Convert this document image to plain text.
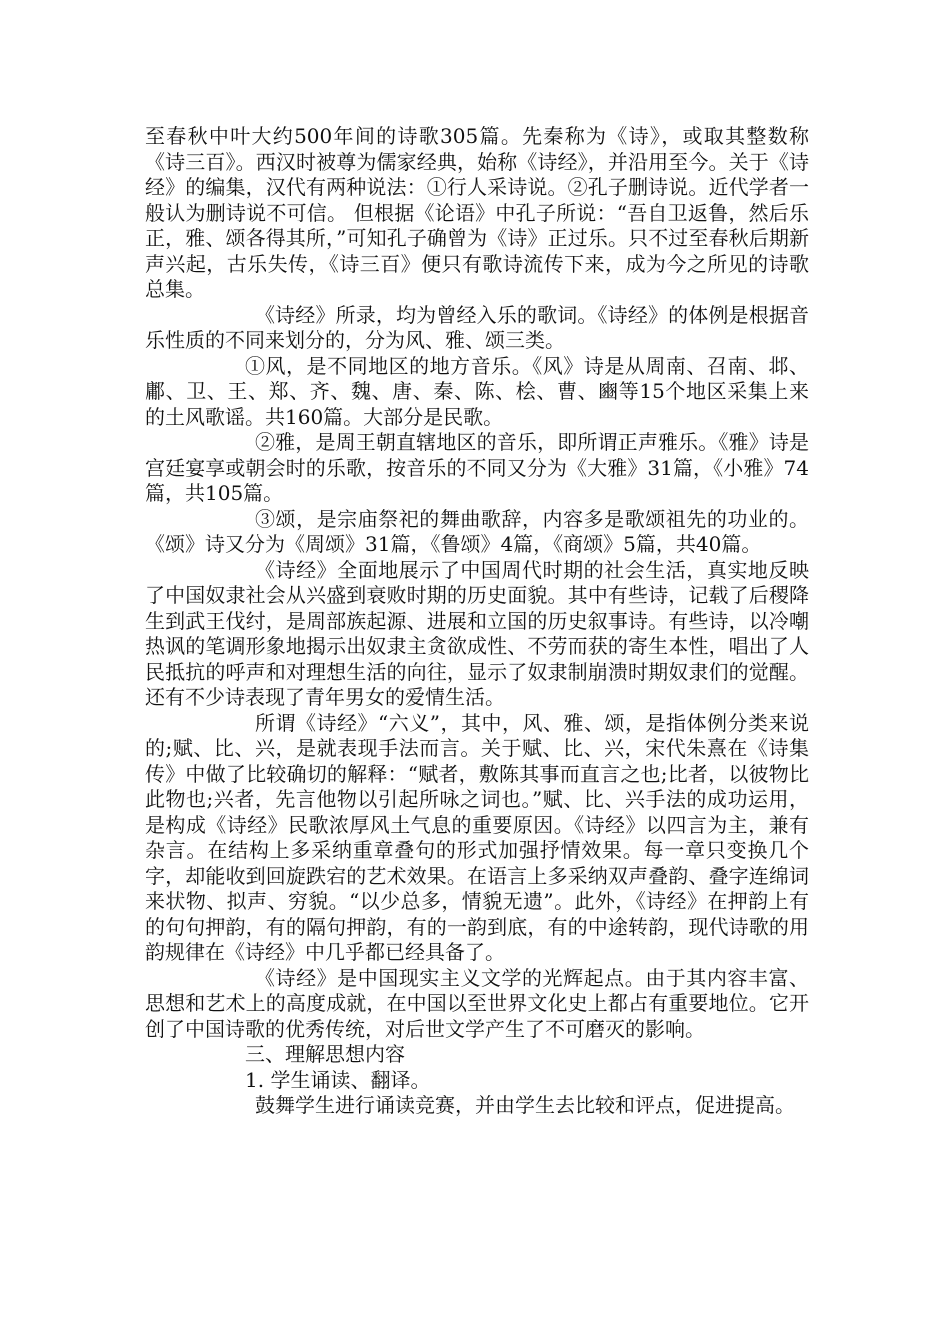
至春秋中叶大约500年间的诗歌305篇。先秦称为《诗》，或取其整数称《诗三百》。西汉时被尊为儒家经典，始称《诗经》，并沿用至今。关于《诗经》的编集，汉代有两种说法：①行人采诗说。②孔子删诗说。近代学者一般认为删诗说不可信。 但根据《论语》中孔子所说：“吾自卫返鲁，然后乐正，雅、颂各得其所，”可知孔子确曾为《诗》正过乐。只不过至春秋后期新声兴起，古乐失传，《诗三百》便只有歌诗流传下来，成为今之所见的诗歌总集。

《诗经》所录，均为曾经入乐的歌词。《诗经》的体例是根据音乐性质的不同来划分的，分为风、雅、颂三类。

①风，是不同地区的地方音乐。《风》诗是从周南、召南、邶、鄘、卫、王、郑、齐、魏、唐、秦、陈、桧、曹、豳等15个地区采集上来的土风歌谣。共160篇。大部分是民歌。

②雅，是周王朝直辖地区的音乐，即所谓正声雅乐。《雅》诗是宫廷宴享或朝会时的乐歌，按音乐的不同又分为《大雅》31篇，《小雅》74篇，共105篇。

③颂，是宗庙祭祀的舞曲歌辞，内容多是歌颂祖先的功业的。《颂》诗又分为《周颂》31篇，《鲁颂》4篇，《商颂》5篇，共40篇。

《诗经》全面地展示了中国周代时期的社会生活，真实地反映了中国奴隶社会从兴盛到衰败时期的历史面貌。其中有些诗，记载了后稷降生到武王伐纣，是周部族起源、进展和立国的历史叙事诗。有些诗，以冷嘲热讽的笔调形象地揭示出奴隶主贪欲成性、不劳而获的寄生本性，唱出了人民抵抗的呼声和对理想生活的向往，显示了奴隶制崩溃时期奴隶们的觉醒。还有不少诗表现了青年男女的爱情生活。

所谓《诗经》“六义”，其中，风、雅、颂，是指体例分类来说的;赋、比、兴，是就表现手法而言。关于赋、比、兴，宋代朱熹在《诗集传》中做了比较确切的解释：“赋者，敷陈其事而直言之也;比者，以彼物比此物也;兴者，先言他物以引起所咏之词也。”赋、比、兴手法的成功运用，是构成《诗经》民歌浓厚风土气息的重要原因。《诗经》以四言为主，兼有杂言。在结构上多采纳重章叠句的形式加强抒情效果。每一章只变换几个字，却能收到回旋跌宕的艺术效果。在语言上多采纳双声叠韵、叠字连绵词来状物、拟声、穷貌。“以少总多，情貌无遗”。此外，《诗经》在押韵上有的句句押韵，有的隔句押韵，有的一韵到底，有的中途转韵，现代诗歌的用韵规律在《诗经》中几乎都已经具备了。

《诗经》是中国现实主义文学的光辉起点。由于其内容丰富、思想和艺术上的高度成就，在中国以至世界文化史上都占有重要地位。它开创了中国诗歌的优秀传统，对后世文学产生了不可磨灭的影响。

三、理解思想内容

1. 学生诵读、翻译。

鼓舞学生进行诵读竞赛，并由学生去比较和评点，促进提高。
